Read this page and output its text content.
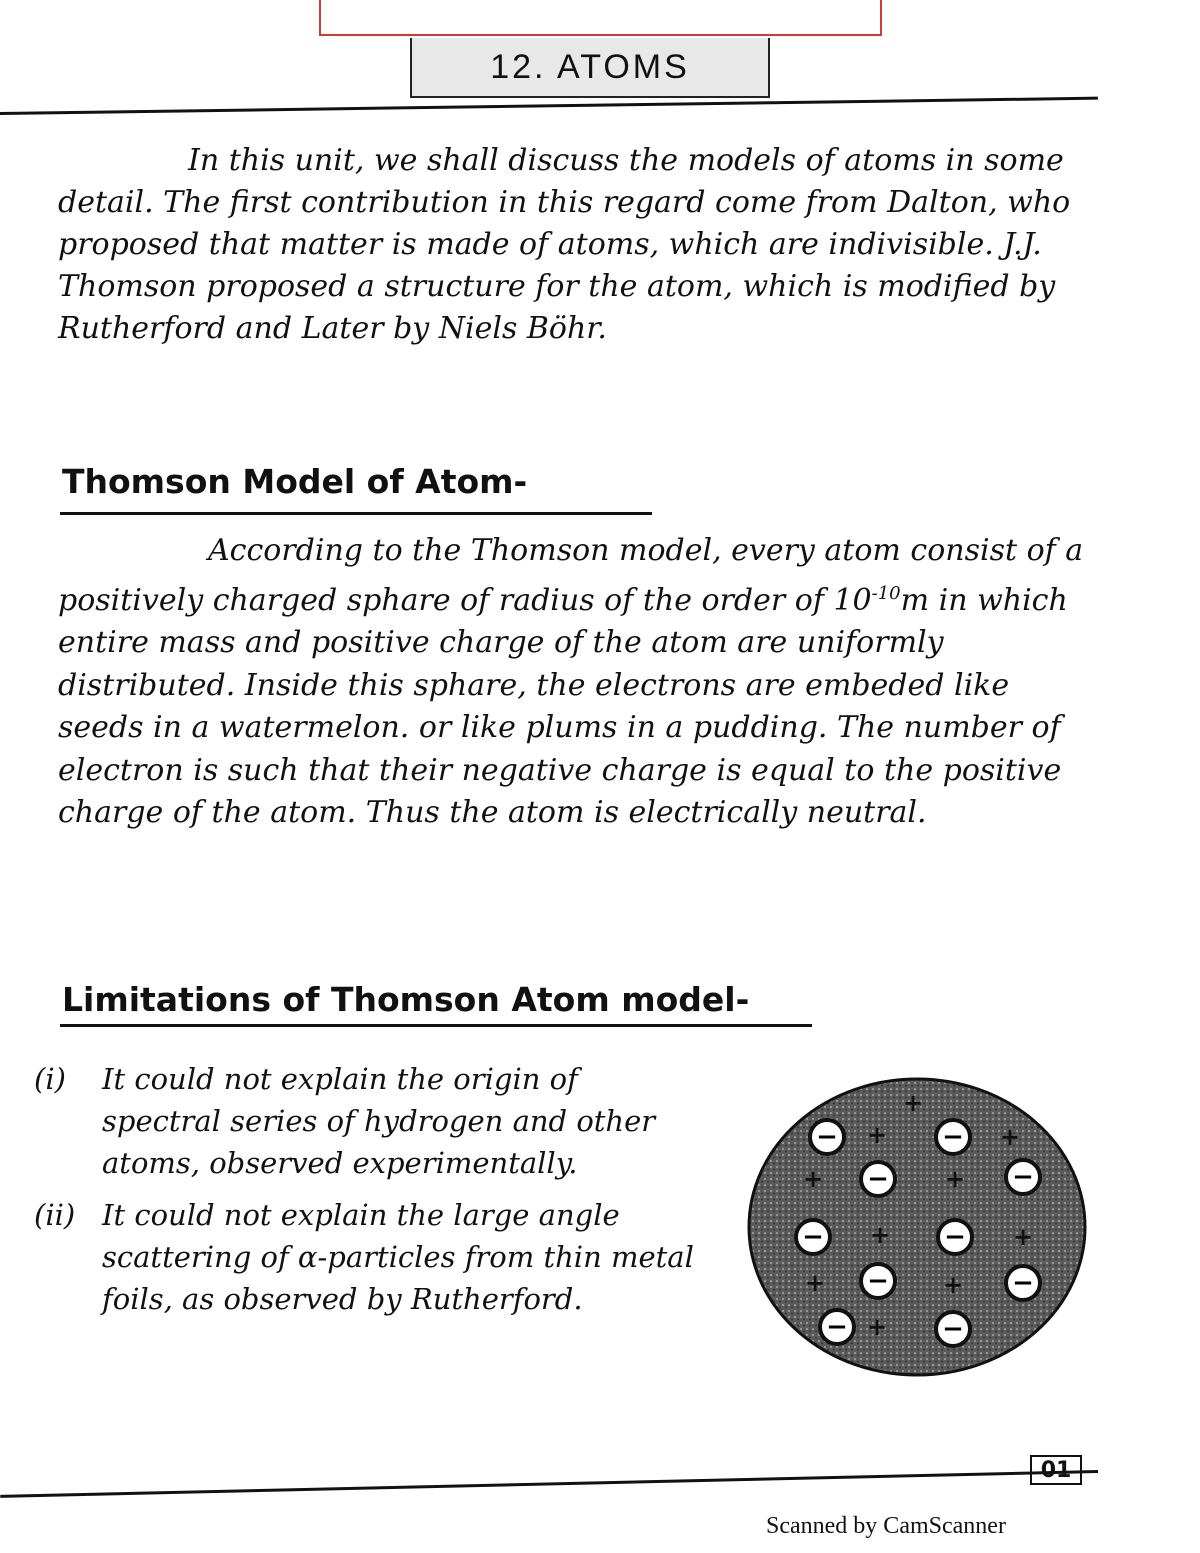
12. ATOMS

In this unit, we shall discuss the models of atoms in some detail. The first contribution in this regard come from Dalton, who proposed that matter is made of atoms, which are indivisible. J.J. Thomson proposed a structure for the atom, which is modified by Rutherford and Later by Niels Böhr.

Thomson Model of Atom-

According to the Thomson model, every atom consist of a positively charged sphare of radius of the order of $10^{-10}m$ in which entire mass and positive charge of the atom are uniformly distributed. Inside this sphare, the electrons are embeded like seeds in a watermelon. or like plums in a pudding. The number of electron is such that their negative charge is equal to the positive charge of the atom. Thus the atom is electrically neutral.

Limitations of Thomson Atom model-
(i)	It could not explain the origin of spectral series of hydrogen and other atoms, observed experimentally.
(ii) It could not explain the large angle scattering of α-particles from thin metal foils, as observed by Rutherford.
−	−
−	−
−	−
−	−
−	−
+
+	+
+	+
+	+
+	+
+
01
Scanned by CamScanner
